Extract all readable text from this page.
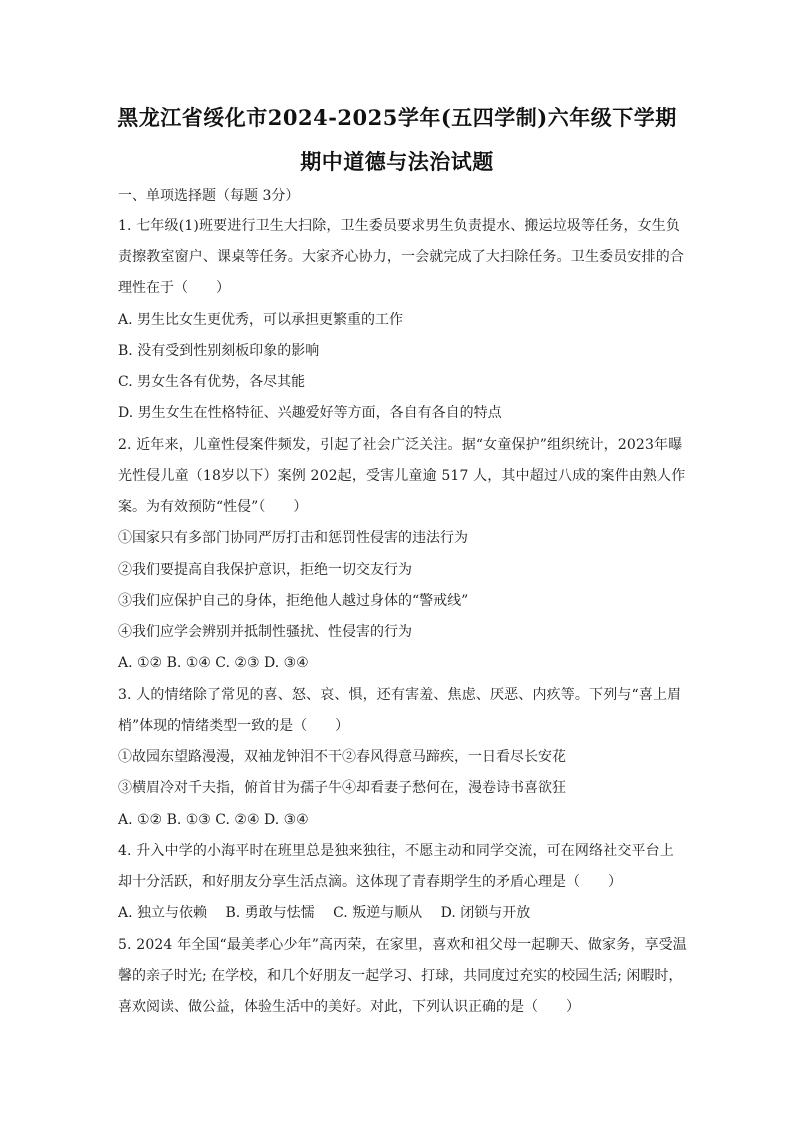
黑龙江省绥化市2024-2025学年(五四学制)六年级下学期
期中道德与法治试题
一、单项选择题（每题 3分）
1. 七年级(1)班要进行卫生大扫除，卫生委员要求男生负责提水、搬运垃圾等任务，女生负
责擦教室窗户、课桌等任务。大家齐心协力，一会就完成了大扫除任务。卫生委员安排的合
理性在于（　　）
A. 男生比女生更优秀，可以承担更繁重的工作
B. 没有受到性别刻板印象的影响
C. 男女生各有优势，各尽其能
D. 男生女生在性格特征、兴趣爱好等方面，各自有各自的特点
2. 近年来，儿童性侵案件频发，引起了社会广泛关注。据“女童保护”组织统计，2023年曝
光性侵儿童（18岁以下）案例 202起，受害儿童逾 517 人，其中超过八成的案件由熟人作
案。为有效预防“性侵”（　　）
①国家只有多部门协同严厉打击和惩罚性侵害的违法行为
②我们要提高自我保护意识，拒绝一切交友行为
③我们应保护自己的身体，拒绝他人越过身体的“警戒线”
④我们应学会辨别并抵制性骚扰、性侵害的行为
A. ①② B. ①④ C. ②③ D. ③④
3. 人的情绪除了常见的喜、怒、哀、惧，还有害羞、焦虑、厌恶、内疚等。下列与“喜上眉
梢”体现的情绪类型一致的是（　　）
①故园东望路漫漫，双袖龙钟泪不干②春风得意马蹄疾，一日看尽长安花
③横眉冷对千夫指，俯首甘为孺子牛④却看妻子愁何在，漫卷诗书喜欲狂
A. ①② B. ①③ C. ②④ D. ③④
4. 升入中学的小海平时在班里总是独来独往，不愿主动和同学交流，可在网络社交平台上
却十分活跃，和好朋友分享生活点滴。这体现了青春期学生的矛盾心理是（　　）
A. 独立与依赖　 B. 勇敢与怯懦　 C. 叛逆与顺从　 D. 闭锁与开放
5. 2024 年全国“最美孝心少年”高丙荣，在家里，喜欢和祖父母一起聊天、做家务，享受温
馨的亲子时光; 在学校，和几个好朋友一起学习、打球，共同度过充实的校园生活; 闲暇时，
喜欢阅读、做公益，体验生活中的美好。对此，下列认识正确的是（　　）
